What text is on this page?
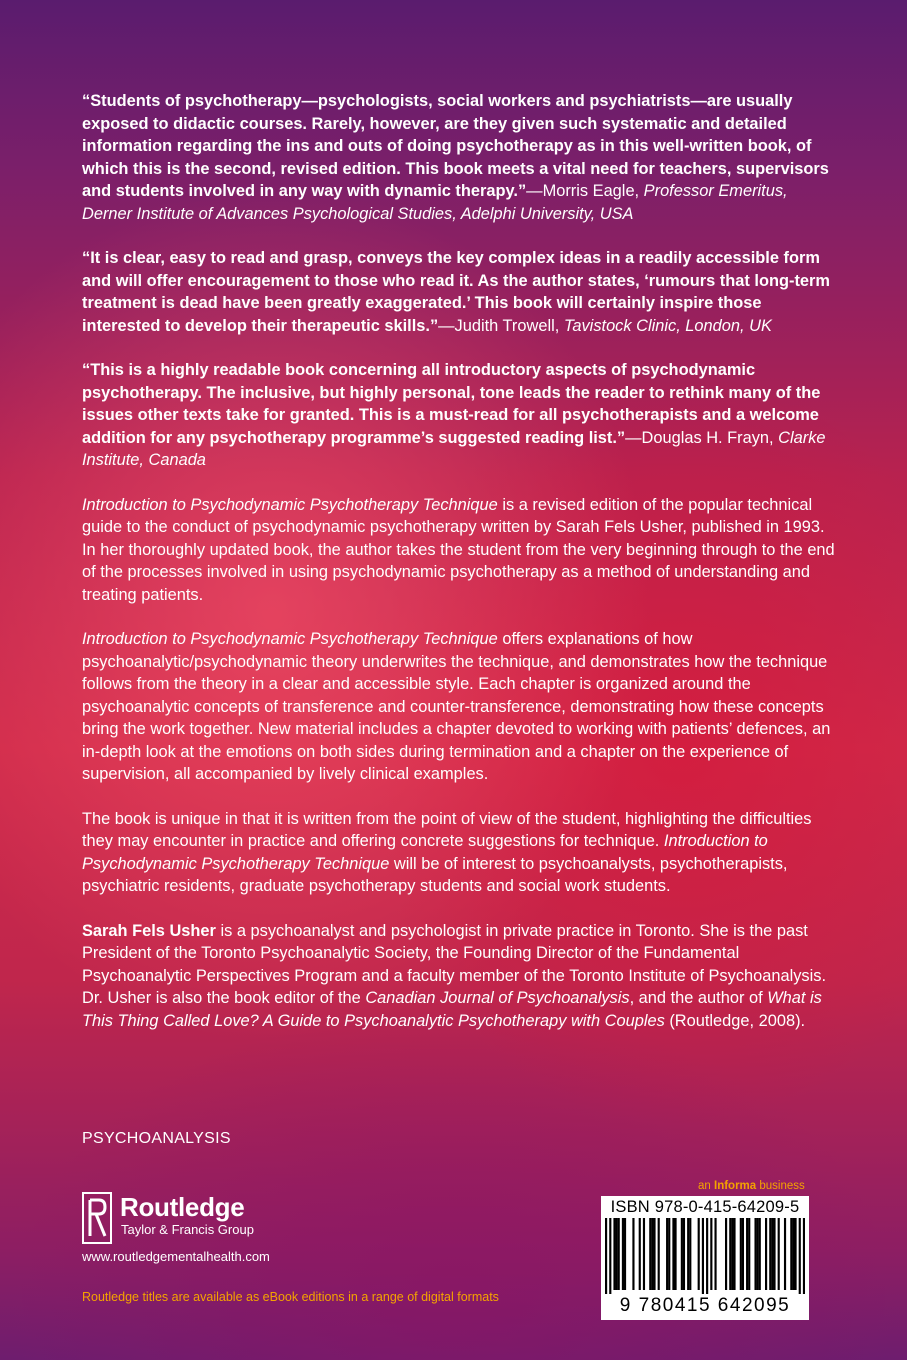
“Students of psychotherapy—psychologists, social workers and psychiatrists—are usually exposed to didactic courses. Rarely, however, are they given such systematic and detailed information regarding the ins and outs of doing psychotherapy as in this well-written book, of which this is the second, revised edition. This book meets a vital need for teachers, supervisors and students involved in any way with dynamic therapy.”—Morris Eagle, Professor Emeritus, Derner Institute of Advances Psychological Studies, Adelphi University, USA

“It is clear, easy to read and grasp, conveys the key complex ideas in a readily accessible form and will offer encouragement to those who read it. As the author states, ‘rumours that long-term treatment is dead have been greatly exaggerated.’ This book will certainly inspire those interested to develop their therapeutic skills.”—Judith Trowell, Tavistock Clinic, London, UK

“This is a highly readable book concerning all introductory aspects of psychodynamic psychotherapy. The inclusive, but highly personal, tone leads the reader to rethink many of the issues other texts take for granted. This is a must-read for all psychotherapists and a welcome addition for any psychotherapy programme’s suggested reading list.”—Douglas H. Frayn, Clarke Institute, Canada

Introduction to Psychodynamic Psychotherapy Technique is a revised edition of the popular technical guide to the conduct of psychodynamic psychotherapy written by Sarah Fels Usher, published in 1993. In her thoroughly updated book, the author takes the student from the very beginning through to the end of the processes involved in using psychodynamic psychotherapy as a method of understanding and treating patients.

Introduction to Psychodynamic Psychotherapy Technique offers explanations of how psychoanalytic/psychodynamic theory underwrites the technique, and demonstrates how the technique follows from the theory in a clear and accessible style. Each chapter is organized around the psychoanalytic concepts of transference and counter-transference, demonstrating how these concepts bring the work together. New material includes a chapter devoted to working with patients’ defences, an in-depth look at the emotions on both sides during termination and a chapter on the experience of supervision, all accompanied by lively clinical examples.

The book is unique in that it is written from the point of view of the student, highlighting the difficulties they may encounter in practice and offering concrete suggestions for technique. Introduction to Psychodynamic Psychotherapy Technique will be of interest to psychoanalysts, psychotherapists, psychiatric residents, graduate psychotherapy students and social work students.

Sarah Fels Usher is a psychoanalyst and psychologist in private practice in Toronto. She is the past President of the Toronto Psychoanalytic Society, the Founding Director of the Fundamental Psychoanalytic Perspectives Program and a faculty member of the Toronto Institute of Psychoanalysis. Dr. Usher is also the book editor of the Canadian Journal of Psychoanalysis, and the author of What is This Thing Called Love? A Guide to Psychoanalytic Psychotherapy with Couples (Routledge, 2008).

PSYCHOANALYSIS
an Informa business
Routledge
Taylor & Francis Group
www.routledgementalhealth.com
Routledge titles are available as eBook editions in a range of digital formats
ISBN 978-0-415-64209-5
9 780415 642095
